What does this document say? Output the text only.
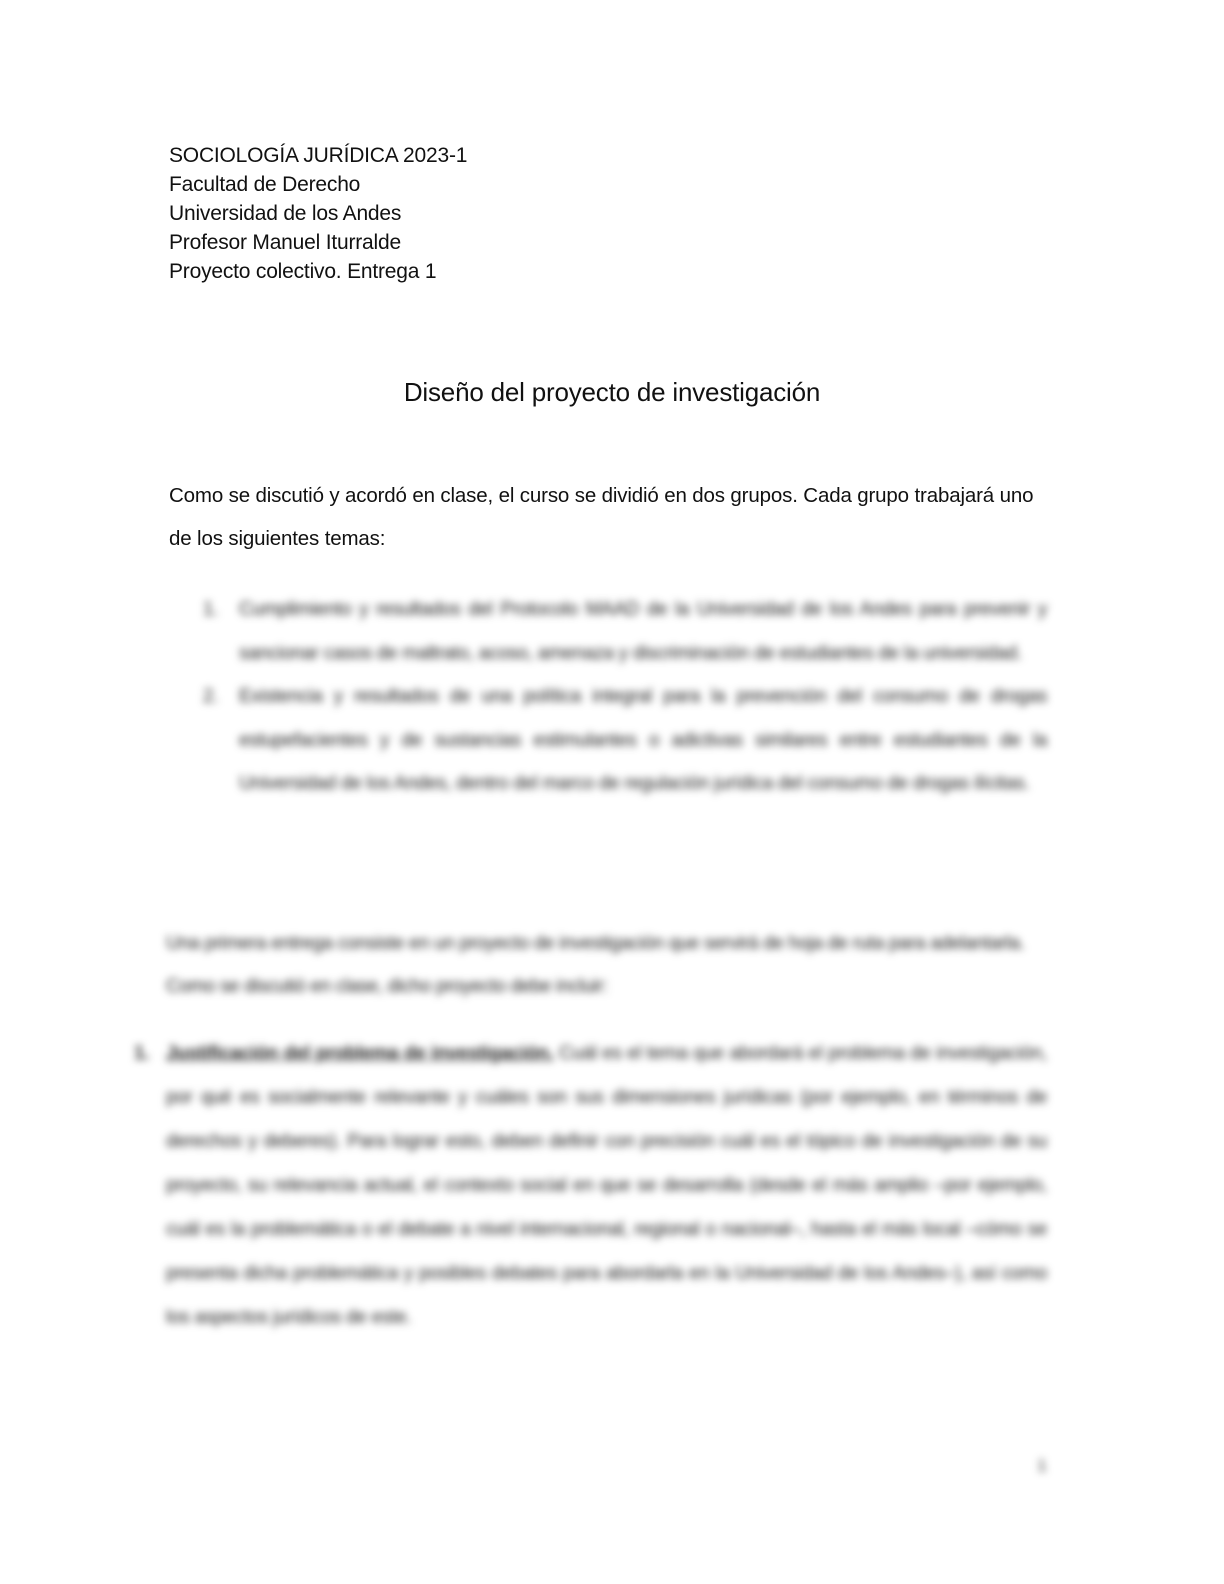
SOCIOLOGÍA JURÍDICA 2023-1
Facultad de Derecho
Universidad de los Andes
Profesor Manuel Iturralde
Proyecto colectivo. Entrega 1
Diseño del proyecto de investigación
Como se discutió y acordó en clase, el curso se dividió en dos grupos. Cada grupo trabajará uno de los siguientes temas:
1. Cumplimiento y resultados del Protocolo MAAD de la Universidad de los Andes para prevenir y sancionar casos de maltrato, acoso, amenaza y discriminación de estudiantes de la universidad.
2. Existencia y resultados de una política integral para la prevención del consumo de drogas estupefacientes y de sustancias estimulantes o adictivas similares entre estudiantes de la Universidad de los Andes, dentro del marco de regulación jurídica del consumo de drogas ilícitas.
Una primera entrega consiste en un proyecto de investigación que servirá de hoja de ruta para adelantarla. Como se discutió en clase, dicho proyecto debe incluir:
1. Justificación del problema de investigación. Cuál es el tema que abordará el problema de investigación, por qué es socialmente relevante y cuáles son sus dimensiones jurídicas (por ejemplo, en términos de derechos y deberes). Para lograr esto, deben definir con precisión cuál es el tópico de investigación de su proyecto, su relevancia actual, el contexto social en que se desarrolla (desde el más amplio –por ejemplo, cuál es la problemática o el debate a nivel internacional, regional o nacional–, hasta el más local –cómo se presenta dicha problemática y posibles debates para abordarla en la Universidad de los Andes–), así como los aspectos jurídicos de este.
1
